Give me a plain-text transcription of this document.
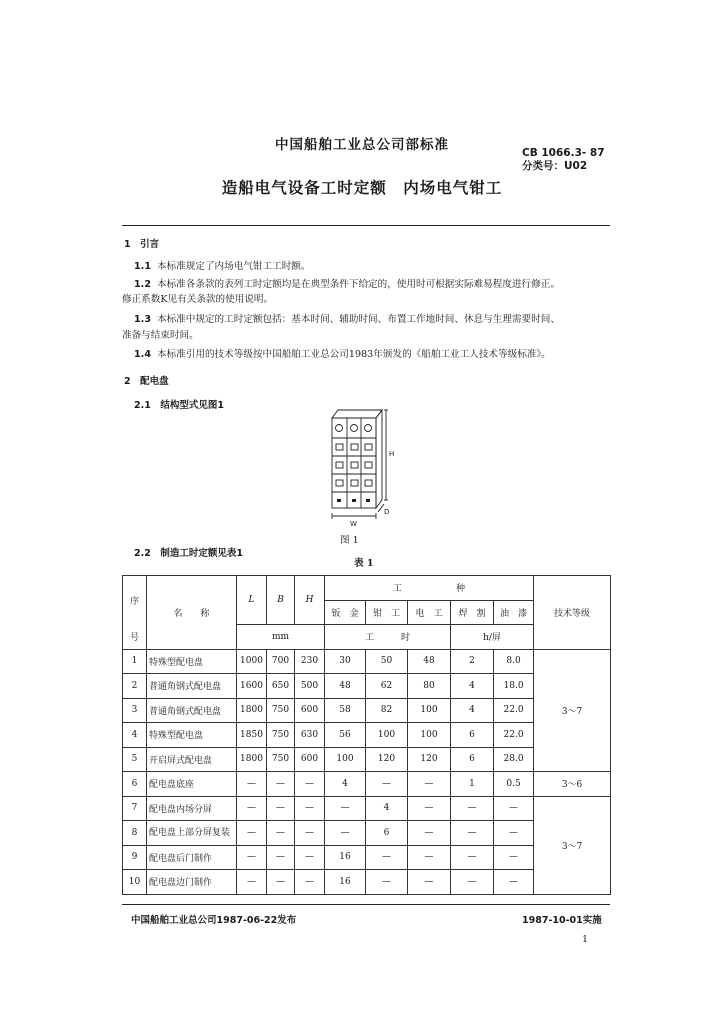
中国船舶工业总公司部标准	CB 1066.3- 87
分类号：U02
造船电气设备工时定额　内场电气钳工
1　引言
1.1 本标准规定了内场电气钳工工时额。
1.2 本标准各条款的表列工时定额均是在典型条件下给定的，使用时可根据实际难易程度进行修正。
修正系数K见有关条款的使用说明。
1.3 本标准中规定的工时定额包括：基本时间、辅助时间、布置工作地时间、休息与生理需要时间、
准备与结束时间。
1.4 本标准引用的技术等级按中国船舶工业总公司1983年颁发的《船舶工业工人技术等级标准》。
2　配电盘
2.1　结构型式见图1
H
W
D
图 1
2.2　制造工时定额见表1
表 1
序	名　　称	L	B	H	工　　　　　　种					技术等级
					钣　金	钳　工	电　工	焊　割	油　漆	
号		mm			工　　　时			h/屏		
1	特殊型配电盘	1000	700	230	30	50	48	2	8.0	3～7
2	普通角钢式配电盘	1600	650	500	48	62	80	4	18.0	
3	普通角钢式配电盘	1800	750	600	58	82	100	4	22.0	
4	特殊型配电盘	1850	750	630	56	100	100	6	22.0	
5	开启屏式配电盘	1800	750	600	100	120	120	6	28.0	
6	配电盘底座	—	—	—	4	—	—	1	0.5	3～6
7	配电盘内场分屏	—	—	—	—	4	—	—	—	3～7
8	配电盘上部分屏复装	—	—	—	—	6	—	—	—	
9	配电盘后门制作	—	—	—	16	—	—	—	—	
10	配电盘边门制作	—	—	—	16	—	—	—	—	
中国船舶工业总公司1987-06-22发布	1987-10-01实施
1
